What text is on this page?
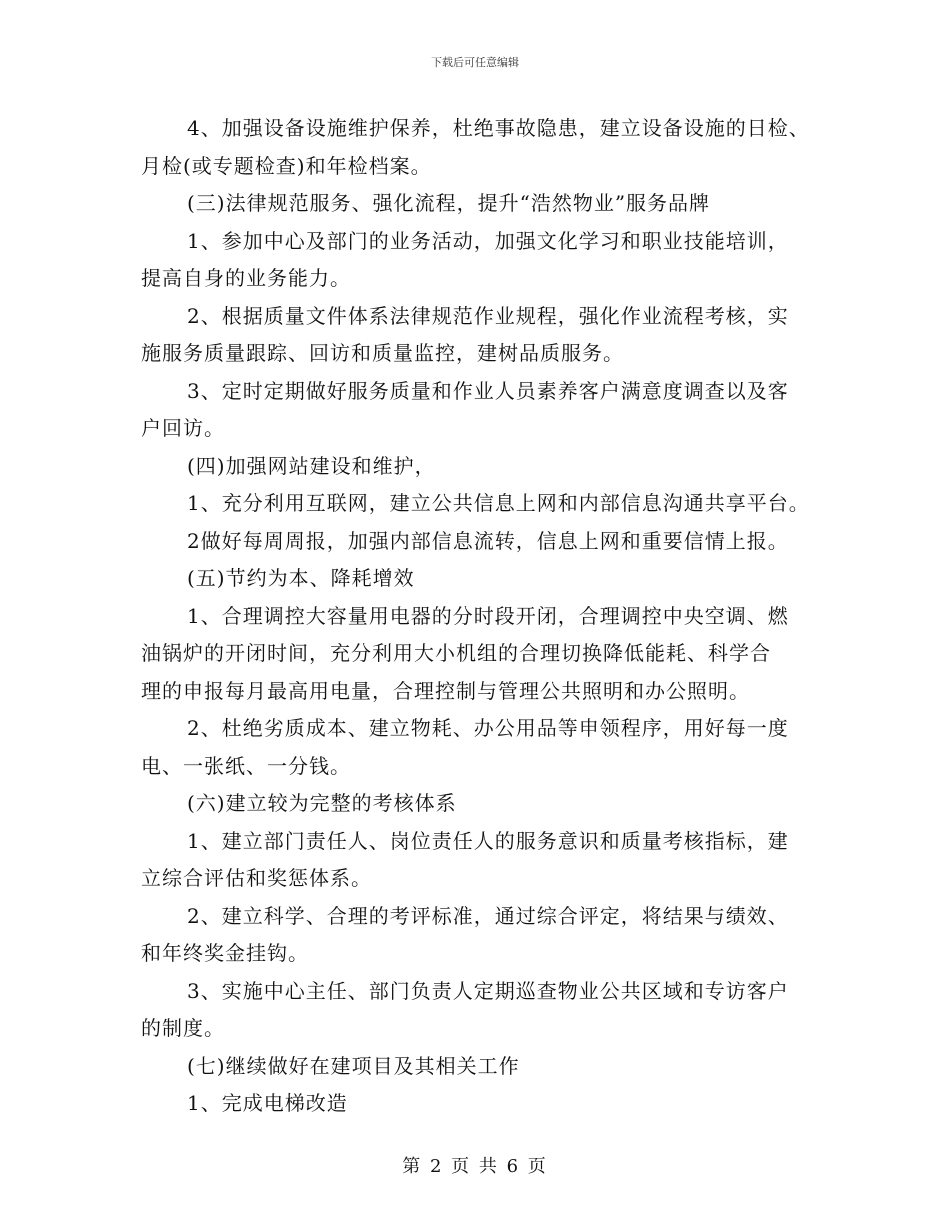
下载后可任意编辑

4、加强设备设施维护保养，杜绝事故隐患，建立设备设施的日检、

月检(或专题检查)和年检档案。

(三)法律规范服务、强化流程，提升“浩然物业”服务品牌

1、参加中心及部门的业务活动，加强文化学习和职业技能培训，

提高自身的业务能力。

2、根据质量文件体系法律规范作业规程，强化作业流程考核，实

施服务质量跟踪、回访和质量监控，建树品质服务。

3、定时定期做好服务质量和作业人员素养客户满意度调查以及客

户回访。

(四)加强网站建设和维护，

1、充分利用互联网，建立公共信息上网和内部信息沟通共享平台。

2做好每周周报，加强内部信息流转，信息上网和重要信情上报。

(五)节约为本、降耗增效

1、合理调控大容量用电器的分时段开闭，合理调控中央空调、燃

油锅炉的开闭时间，充分利用大小机组的合理切换降低能耗、科学合

理的申报每月最高用电量，合理控制与管理公共照明和办公照明。

2、杜绝劣质成本、建立物耗、办公用品等申领程序，用好每一度

电、一张纸、一分钱。

(六)建立较为完整的考核体系

1、建立部门责任人、岗位责任人的服务意识和质量考核指标，建

立综合评估和奖惩体系。

2、建立科学、合理的考评标准，通过综合评定，将结果与绩效、

和年终奖金挂钩。

3、实施中心主任、部门负责人定期巡查物业公共区域和专访客户

的制度。

(七)继续做好在建项目及其相关工作

1、完成电梯改造

第 2 页 共 6 页
